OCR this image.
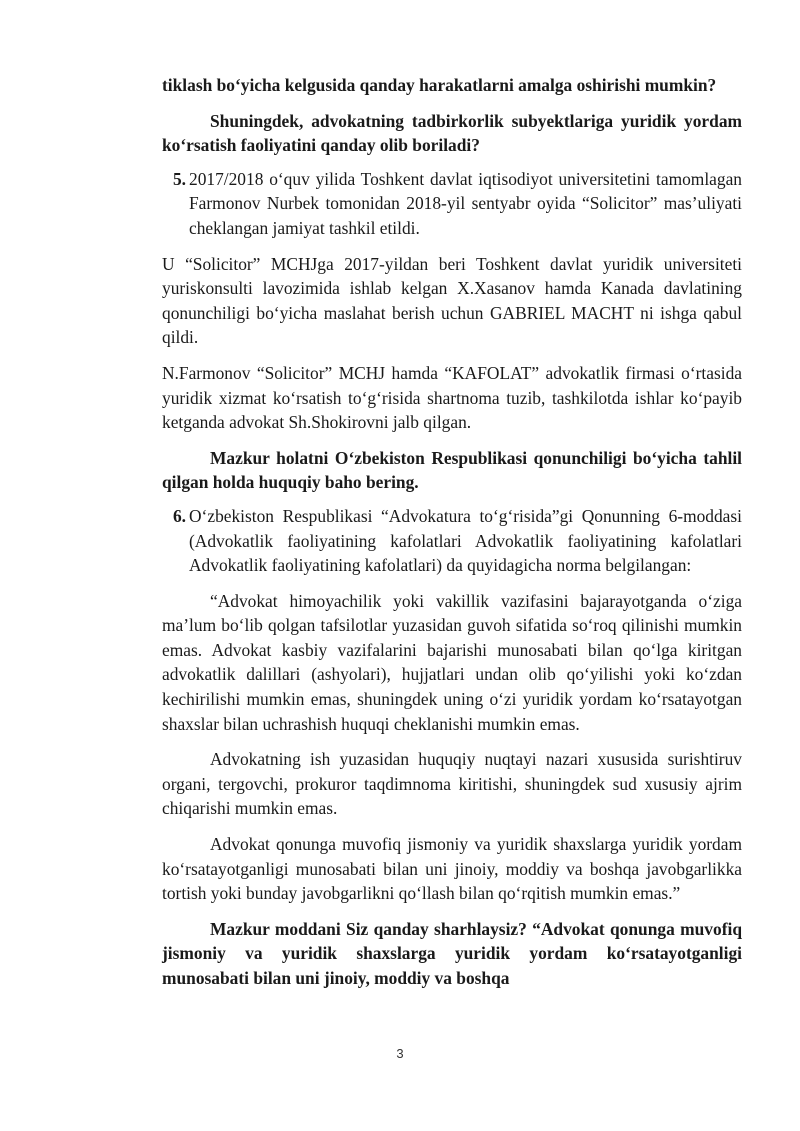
tiklash bo‘yicha kelgusida qanday harakatlarni amalga oshirishi mumkin?

Shuningdek, advokatning tadbirkorlik subyektlariga yuridik yordam ko‘rsatish faoliyatini qanday olib boriladi?

5. 2017/2018 o‘quv yilida Toshkent davlat iqtisodiyot universitetini tamomlagan Farmonov Nurbek tomonidan 2018-yil sentyabr oyida “Solicitor” mas’uliyati cheklangan jamiyat tashkil etildi.

U “Solicitor” MCHJga 2017-yildan beri Toshkent davlat yuridik universiteti yuriskonsulti lavozimida ishlab kelgan X.Xasanov hamda Kanada davlatining qonunchiligi bo‘yicha maslahat berish uchun GABRIEL MACHT ni ishga qabul qildi.

N.Farmonov “Solicitor” MCHJ hamda “KAFOLAT” advokatlik firmasi o‘rtasida yuridik xizmat ko‘rsatish to‘g‘risida shartnoma tuzib, tashkilotda ishlar ko‘payib ketganda advokat Sh.Shokirovni jalb qilgan.

Mazkur holatni O‘zbekiston Respublikasi qonunchiligi bo‘yicha tahlil qilgan holda huquqiy baho bering.

6. O‘zbekiston Respublikasi “Advokatura to‘g‘risida”gi Qonunning 6-moddasi (Advokatlik faoliyatining kafolatlari Advokatlik faoliyatining kafolatlari Advokatlik faoliyatining kafolatlari) da quyidagicha norma belgilangan:

“Advokat himoyachilik yoki vakillik vazifasini bajarayotganda o‘ziga ma’lum bo‘lib qolgan tafsilotlar yuzasidan guvoh sifatida so‘roq qilinishi mumkin emas. Advokat kasbiy vazifalarini bajarishi munosabati bilan qo‘lga kiritgan advokatlik dalillari (ashyolari), hujjatlari undan olib qo‘yilishi yoki ko‘zdan kechirilishi mumkin emas, shuningdek uning o‘zi yuridik yordam ko‘rsatayotgan shaxslar bilan uchrashish huquqi cheklanishi mumkin emas.

Advokatning ish yuzasidan huquqiy nuqtayi nazari xususida surishtiruv organi, tergovchi, prokuror taqdimnoma kiritishi, shuningdek sud xususiy ajrim chiqarishi mumkin emas.

Advokat qonunga muvofiq jismoniy va yuridik shaxslarga yuridik yordam ko‘rsatayotganligi munosabati bilan uni jinoiy, moddiy va boshqa javobgarlikka tortish yoki bunday javobgarlikni qo‘llash bilan qo‘rqitish mumkin emas.”

Mazkur moddani Siz qanday sharhlaysiz? “Advokat qonunga muvofiq jismoniy va yuridik shaxslarga yuridik yordam ko‘rsatayotganligi munosabati bilan uni jinoiy, moddiy va boshqa

3
